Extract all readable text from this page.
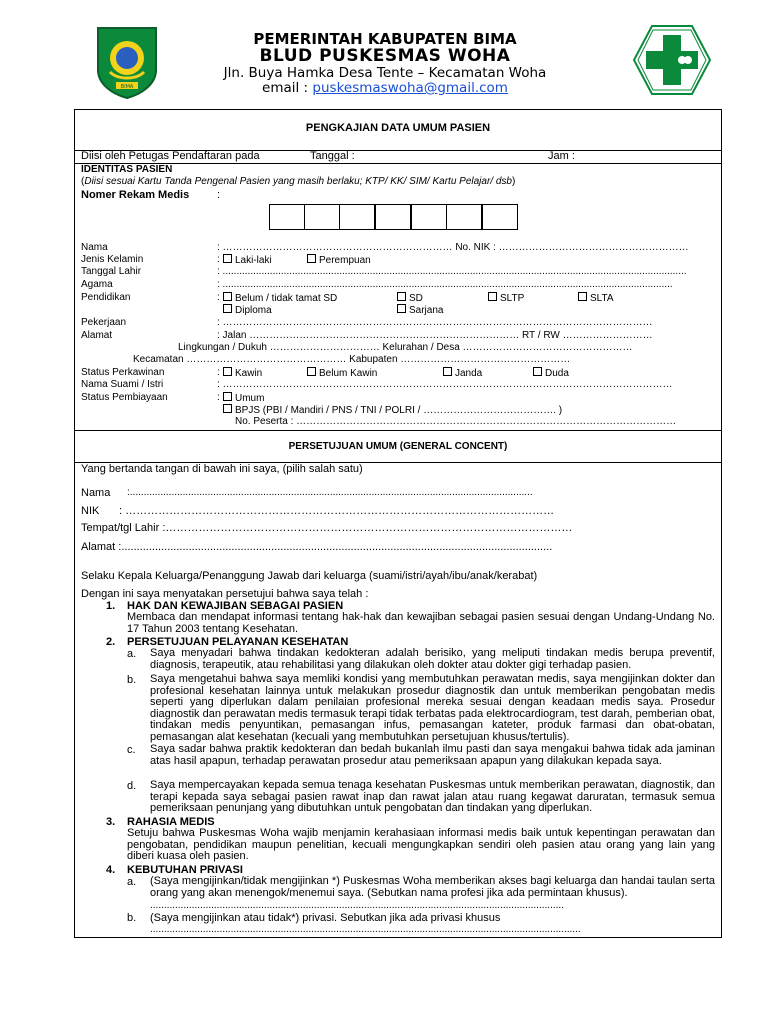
BIMA
PEMERINTAH KABUPATEN BIMA
BLUD PUSKESMAS WOHA
Jln. Buya Hamka Desa Tente – Kecamatan Woha
email : puskesmaswoha@gmail.com
PENGKAJIAN DATA UMUM PASIEN
Diisi oleh Petugas Pendaftaran pada	Tanggal :	Jam :
IDENTITAS PASIEN
(Diisi sesuai Kartu Tanda Pengenal Pasien yang masih berlaku; KTP/ KK/ SIM/ Kartu Pelajar/ dsb)
Nomer Rekam Medis	:
Nama	: …………………………………………………………… No. NIK : …………………………………………………
Jenis Kelamin	:	Laki-laki	Perempuan
Tanggal Lahir	: .......................................................................................................................................................................
Agama	: ..................................................................................................................................................................
Pendidikan	:	Belum / tidak tamat SD	SD	SLTP	SLTA
Diploma	Sarjana
Pekerjaan	: …………………………………………………………………………………………………………………
Alamat	: Jalan ……………………………………………………………………… RT / RW ………………………
Lingkungan / Dukuh …………………………… Kelurahan / Desa ……………………………………………
Kecamatan ………………………………………… Kabupaten ……………………………………………
Status Perkawinan	:	Kawin	Belum Kawin	Janda	Duda
Nama Suami / Istri	: ………………………………………………………………………………………………………………………
Status Pembiayaan	:	Umum
BPJS (PBI / Mandiri / PNS / TNI / POLRI / …………………………………. )
No. Peserta : ……………………………………………………………………………………………………
PERSETUJUAN UMUM (GENERAL CONCENT)
Yang bertanda tangan di bawah ini saya, (pilih salah satu)
Nama :.................................................................................................................................................
NIK : ………………………………………………………………………………………………………
Tempat/tgl Lahir :…………………………………………………………………………………………………
Alamat :.............................................................................................................................................
Selaku Kepala Keluarga/Penanggung Jawab dari keluarga (suami/istri/ayah/ibu/anak/kerabat)
Dengan ini saya menyatakan persetujui bahwa saya telah :
1. HAK DAN KEWAJIBAN SEBAGAI PASIEN
Membaca dan mendapat informasi tentang hak-hak dan kewajiban sebagai pasien sesuai dengan Undang-Undang No. 17 Tahun 2003 tentang Kesehatan.
2. PERSETUJUAN PELAYANAN KESEHATAN
a. Saya menyadari bahwa tindakan kedokteran adalah berisiko, yang meliputi tindakan medis berupa preventif, diagnosis, terapeutik, atau rehabilitasi yang dilakukan oleh dokter atau dokter gigi terhadap pasien.
b. Saya mengetahui bahwa saya memliki kondisi yang membutuhkan perawatan medis, saya mengijinkan dokter dan profesional kesehatan lainnya untuk melakukan prosedur diagnostik dan untuk memberikan pengobatan medis seperti yang diperlukan dalam penilaian profesional mereka sesuai dengan keadaan medis saya. Prosedur diagnostik dan perawatan medis termasuk terapi tidak terbatas pada elektrocardiogram, test darah, pemberian obat, tindakan medis penyuntikan, pemasangan infus, pemasangan kateter, produk farmasi dan obat-obatan, pemasangan alat kesehatan (kecuali yang membutuhkan persetujuan khusus/tertulis).
c. Saya sadar bahwa praktik kedokteran dan bedah bukanlah ilmu pasti dan saya mengakui bahwa tidak ada jaminan atas hasil apapun, terhadap perawatan prosedur atau pemeriksaan apapun yang dilakukan kepada saya.
d. Saya mempercayakan kepada semua tenaga kesehatan Puskesmas untuk memberikan perawatan, diagnostik, dan terapi kepada saya sebagai pasien rawat inap dan rawat jalan atau ruang kegawat daruratan, termasuk semua pemeriksaan penunjang yang dibutuhkan untuk pengobatan dan tindakan yang diperlukan.
3. RAHASIA MEDIS
Setuju bahwa Puskesmas Woha wajib menjamin kerahasiaan informasi medis baik untuk kepentingan perawatan dan pengobatan, pendidikan maupun penelitian, kecuali mengungkapkan sendiri oleh pasien atau orang yang lain yang diberi kuasa oleh pasien.
4. KEBUTUHAN PRIVASI
a. (Saya mengijinkan/tidak mengijinkan *) Puskesmas Woha memberikan akses bagi keluarga dan handai taulan serta orang yang akan menengok/menemui saya. (Sebutkan nama profesi jika ada permintaan khusus).
.....................................................................................................................................................
b. (Saya mengijinkan atau tidak*) privasi. Sebutkan jika ada privasi khusus
...........................................................................................................................................................
